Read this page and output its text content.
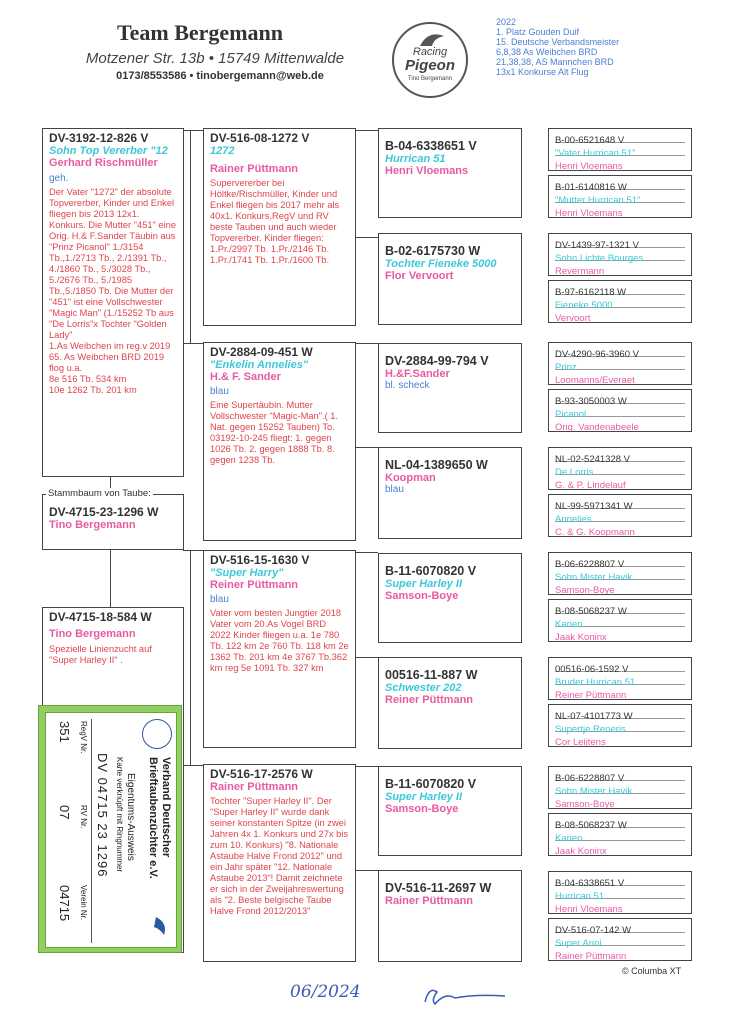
Team Bergemann
Motzener Str. 13b • 15749 Mittenwalde
0173/8553586 • tinobergemann@web.de
Racing
Pigeon
Tino Bergemann
2022
1. Platz Gouden Duif
15. Deutsche Verbandsmeister
6,8,38 As Weibchen BRD
21,38,38, AS Mannchen BRD
13x1 Konkurse Alt Flug
DV-3192-12-826 V
Sohn Top Vererber "12
Gerhard Rischmüller
geh.
Der Vater "1272" der absolute Topvererber, Kinder und Enkel fliegen bis 2013 12x1. Konkurs. Die Mutter "451" eine Orig. H.& F.Sander Täubin aus "Prinz Picanol" 1./3154 Tb.,1./2713 Tb., 2./1391 Tb., 4./1860 Tb., 5./3028 Tb., 5./2676 Tb., 5./1985 Tb.,5./1850 Tb. Die Mutter der "451" ist eine Vollschwester "Magic Man" (1./15252 Tb aus "De Lorris"x Tochter "Golden Lady"
1.As Weibchen im reg.v 2019
65. As Weibchen BRD 2019 flog u.a.
8e 516 Tb. 534 km
10e 1262 Tb. 201 km
DV-4715-23-1296 W
Tino Bergemann
Stammbaum von Taube:
DV-4715-18-584 W
Tino Bergemann
Spezielle Linienzucht auf "Super Harley II" .
Verband Deutscher
Brieftaubenzüchter e.V.
Eigentums-Ausweis
Karte verknüpft mit Ringnummer
DV 04715 23 1296
RegV Nr.
RV Nr.
Verein Nr.
351
07
04715
DV-516-08-1272 V
1272
Rainer Püttmann
Supervererber bei Höltke/Rischmüller, Kinder und Enkel fliegen bis 2017 mehr als 40x1. Konkurs,RegV und RV beste Tauben und auch wieder Topvererber. Kinder fliegen: 1.Pr./2997 Tb. 1.Pr./2146 Tb. 1.Pr./1741 Tb. 1.Pr./1600 Tb.
DV-2884-09-451 W
"Enkelin Annelies"
H.& F. Sander
blau
Eine Supertäubin. Mutter Vollschwester "Magic-Man".( 1. Nat. gegen 15252 Tauben) To. 03192-10-245 fliegt: 1. gegen 1026 Tb. 2. gegen 1888 Tb. 8. gegen 1238 Tb.
DV-516-15-1630 V
"Super Harry"
Reiner Püttmann
blau
Vater vom besten Jungtier 2018 Vater vom 20.As Vogel BRD 2022 Kinder fliegen u.a. 1e 780 Tb. 122 km 2e 760 Tb. 118 km 2e 1362 Tb. 201 km 4e 3767 Tb.362 km reg 5e 1091 Tb. 327 km
DV-516-17-2576 W
Rainer Püttmann
Tochter "Super Harley II". Der "Super Harley II" wurde dank seiner konstanten Spitze (in zwei Jahren 4x 1. Konkurs und 27x bis zum 10. Konkurs) "8. Nationale Astaube Halve Frond 2012" und ein Jahr später "12. Nationale Astaube 2013"! Damit zeichnete er sich in der Zweijahreswertung als "2. Beste belgische Taube Halve Frond 2012/2013"
B-04-6338651 V
Hurrican 51
Henri Vloemans
B-02-6175730 W
Tochter Fieneke 5000
Flor Vervoort
DV-2884-99-794 V
H.&F.Sander
bl. scheck
NL-04-1389650 W
Koopman
blau
B-11-6070820 V
Super Harley II
Samson-Boye
00516-11-887 W
Schwester 202
Reiner Püttmann
B-11-6070820 V
Super Harley II
Samson-Boye
DV-516-11-2697 W
Rainer Püttmann
B-00-6521648 V
"Vater Hurrican 51"
Henri Vloemans
B-01-6140816 W
"Mutter Hurrican 51"
Henri Vloemans
DV-1439-97-1321 V
Sohn Lichte Bourges
Revermann
B-97-6162118 W
Fieneke 5000
Vervoort
DV-4290-96-3960 V
Prinz
Loomanns/Everaet
B-93-3050003 W
Picanol
Orig. Vandenabeele
NL-02-5241328 V
De Lorris
G. & P. Lindelauf
NL-99-5971341 W
Annelies
C. & G. Koopmann
B-06-6228807 V
Sohn Mister Havik
Samson-Boye
B-08-5068237 W
Karien
Jaak Koninx
00516-06-1592 V
Bruder Hurrican 51
Reiner Püttmann
NL-07-4101773 W
Supertje Reneris
Cor Leijtens
B-06-6228807 V
Sohn Mister Havik
Samson-Boye
B-08-5068237 W
Karien
Jaak Koninx
B-04-6338651 V
Hurrican 51
Henri Vloemans
DV-516-07-142 W
Super Anni
Rainer Püttmann
© Columba XT
06/2024
